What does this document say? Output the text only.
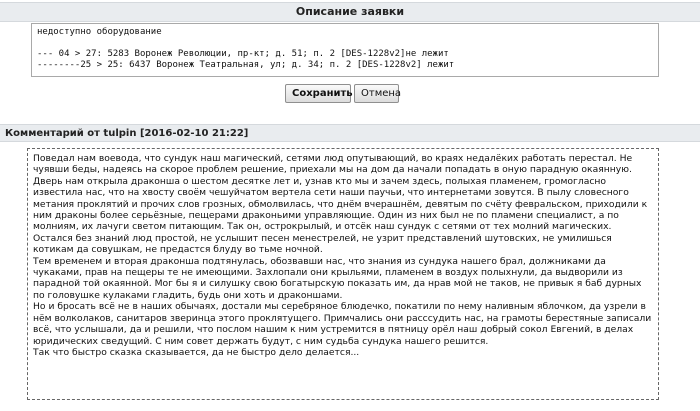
Описание заявки
недоступно оборудование

--- 04 > 27: 5283 Воронеж Революции, пр-кт; д. 51; п. 2 [DES-1228v2]не лежит
--------25 > 25: 6437 Воронеж Театральная, ул; д. 34; п. 2 [DES-1228v2] лежит
Сохранить Отмена
Комментарий от tulpin [2016-02-10 21:22]

Поведал нам воевода, что сундук наш магический, сетями люд опутывающий, во краях недалёких работать перестал. Не чуявши беды, надеясь на скорое проблем решение, приехали мы на дом да начали попадать в оную парадную окаянную. Дверь нам открыла драконша о шестом десятке лет и, узнав кто мы и зачем здесь, полыхая пламенем, громогласно известила нас, что на хвосту своём чешуйчатом вертела сети наши паучьи, что интернетами зовутся. В пылу словесного метания проклятий и прочих слов грозных, обмолвилась, что днём вчерашнём, девятым по счёту февральском, приходили к ним драконы более серьёзные, пещерами драконьими управляющие. Один из них был не по пламени специалист, а по молниям, их лачуги светом питающим. Так он, острокрылый, и отсёк наш сундук с сетями от тех молний магических. Остался без знаний люд простой, не услышит песен менестрелей, не узрит представлений шутовских, не умилишься котикам да совушкам, не предастся блуду во тьме ночной.

Тем временем и вторая драконша подтянулась, обозвавши нас, что знания из сундука нашего брал, должниками да чукаками, прав на пещеры те не имеющими. Захлопали они крыльями, пламенем в воздух полыхнули, да выдворили из парадной той окаянной. Мог бы я и силушку свою богатырскую показать им, да нрав мой не таков, не привык я баб дурных по головушке кулаками гладить, будь они хоть и драконшами.

Но и бросать всё не в наших обычаях, достали мы серебряное блюдечко, покатили по нему наливным яблочком, да узрели в нём волколаков, санитаров зверинца этого проклятущего. Примчались они расссудить нас, на грамоты берестяные записали всё, что услышали, да и решили, что послом нашим к ним устремится в пятницу орёл наш добрый сокол Евгений, в делах юридических сведущий. С ним совет держать будут, с ним судьба сундука нашего решится.

Так что быстро сказка сказывается, да не быстро дело делается...
